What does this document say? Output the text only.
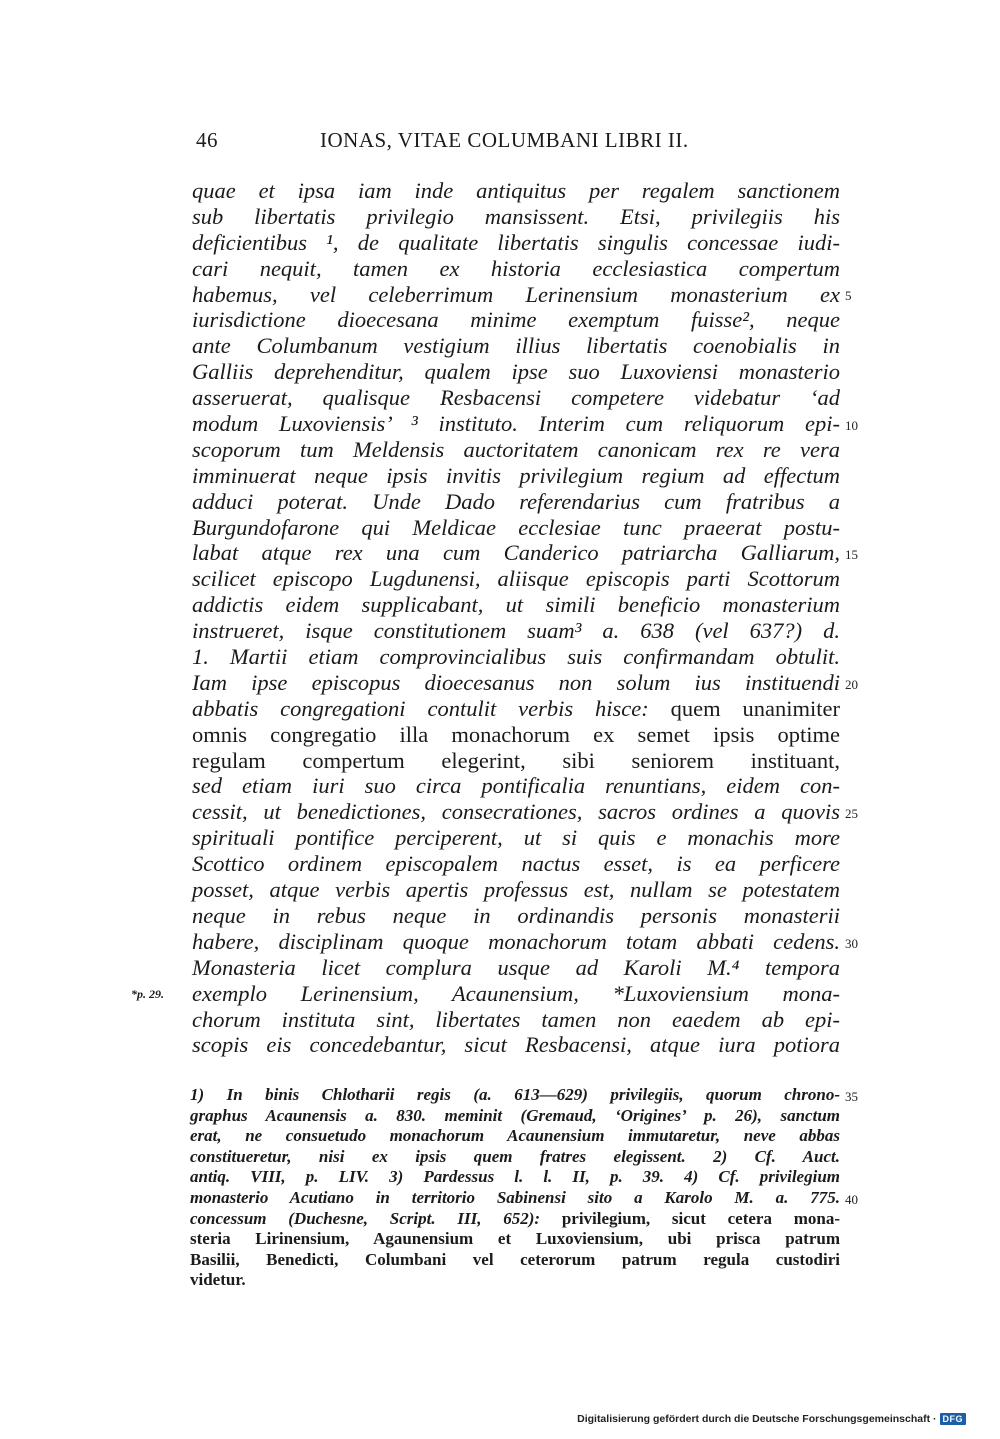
46	IONAS, VITAE COLUMBANI LIBRI II.
quae et ipsa iam inde antiquitus per regalem sanctionem
sub libertatis privilegio mansissent. Etsi, privilegiis his
deficientibus ¹, de qualitate libertatis singulis concessae iudi-
cari nequit, tamen ex historia ecclesiastica compertum
habemus, vel celeberrimum Lerinensium monasterium ex
iurisdictione dioecesana minime exemptum fuisse², neque
ante Columbanum vestigium illius libertatis coenobialis in
Galliis deprehenditur, qualem ipse suo Luxoviensi monasterio
asseruerat, qualisque Resbacensi competere videbatur ‘ad
modum Luxoviensis’ ³ instituto. Interim cum reliquorum epi-
scoporum tum Meldensis auctoritatem canonicam rex re vera
imminuerat neque ipsis invitis privilegium regium ad effectum
adduci poterat. Unde Dado referendarius cum fratribus a
Burgundofarone qui Meldicae ecclesiae tunc praeerat postu-
labat atque rex una cum Canderico patriarcha Galliarum,
scilicet episcopo Lugdunensi, aliisque episcopis parti Scottorum
addictis eidem supplicabant, ut simili beneficio monasterium
instrueret, isque constitutionem suam³ a. 638 (vel 637?) d.
1. Martii etiam comprovincialibus suis confirmandam obtulit.
Iam ipse episcopus dioecesanus non solum ius instituendi
abbatis congregationi contulit verbis hisce: quem unanimiter
omnis congregatio illa monachorum ex semet ipsis optime
regulam compertum elegerint, sibi seniorem instituant,
sed etiam iuri suo circa pontificalia renuntians, eidem con-
cessit, ut benedictiones, consecrationes, sacros ordines a quovis
spirituali pontifice perciperent, ut si quis e monachis more
Scottico ordinem episcopalem nactus esset, is ea perficere
posset, atque verbis apertis professus est, nullam se potestatem
neque in rebus neque in ordinandis personis monasterii
habere, disciplinam quoque monachorum totam abbati cedens.
Monasteria licet complura usque ad Karoli M.⁴ tempora
exemplo Lerinensium, Acaunensium, *Luxoviensium mona-
chorum instituta sint, libertates tamen non eaedem ab epi-
scopis eis concedebantur, sicut Resbacensi, atque iura potiora
5
10
15
20
25
30
*p. 29.
1) In binis Chlotharii regis (a. 613—629) privilegiis, quorum chrono-
graphus Acaunensis a. 830. meminit (Gremaud, ‘Origines’ p. 26), sanctum
erat, ne consuetudo monachorum Acaunensium immutaretur, neve abbas
constitueretur, nisi ex ipsis quem fratres elegissent. 2) Cf. Auct.
antiq. VIII, p. LIV. 3) Pardessus l. l. II, p. 39. 4) Cf. privilegium
monasterio Acutiano in territorio Sabinensi sito a Karolo M. a. 775.
concessum (Duchesne, Script. III, 652): privilegium, sicut cetera mona-
steria Lirinensium, Agaunensium et Luxoviensium, ubi prisca patrum
Basilii, Benedicti, Columbani vel ceterorum patrum regula custodiri
videtur.
35
40
Digitalisierung gefördert durch die Deutsche Forschungsgemeinschaft · DFG
